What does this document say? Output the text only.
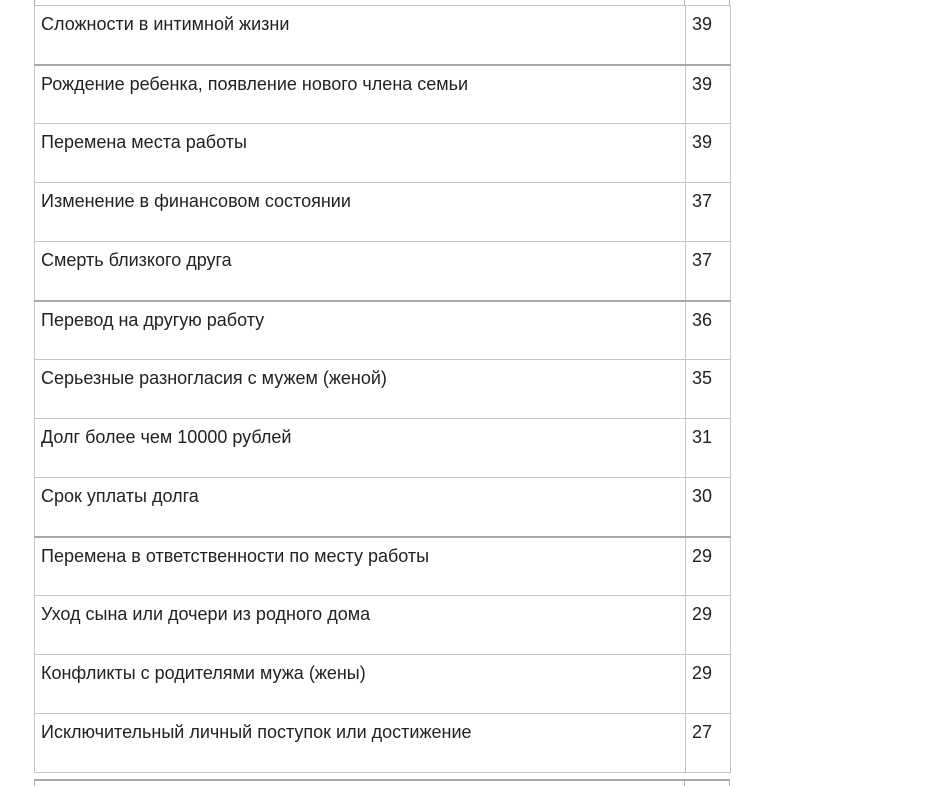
Сложности в интимной жизни	39
Рождение ребенка, появление нового члена семьи	39
Перемена места работы	39
Изменение в финансовом состоянии	37
Смерть близкого друга	37
Перевод на другую работу	36
Серьезные разногласия с мужем (женой)	35
Долг более чем 10000 рублей	31
Срок уплаты долга	30
Перемена в ответственности по месту работы	29
Уход сына или дочери из родного дома	29
Конфликты с родителями мужа (жены)	29
Исключительный личный поступок или достижение	27
